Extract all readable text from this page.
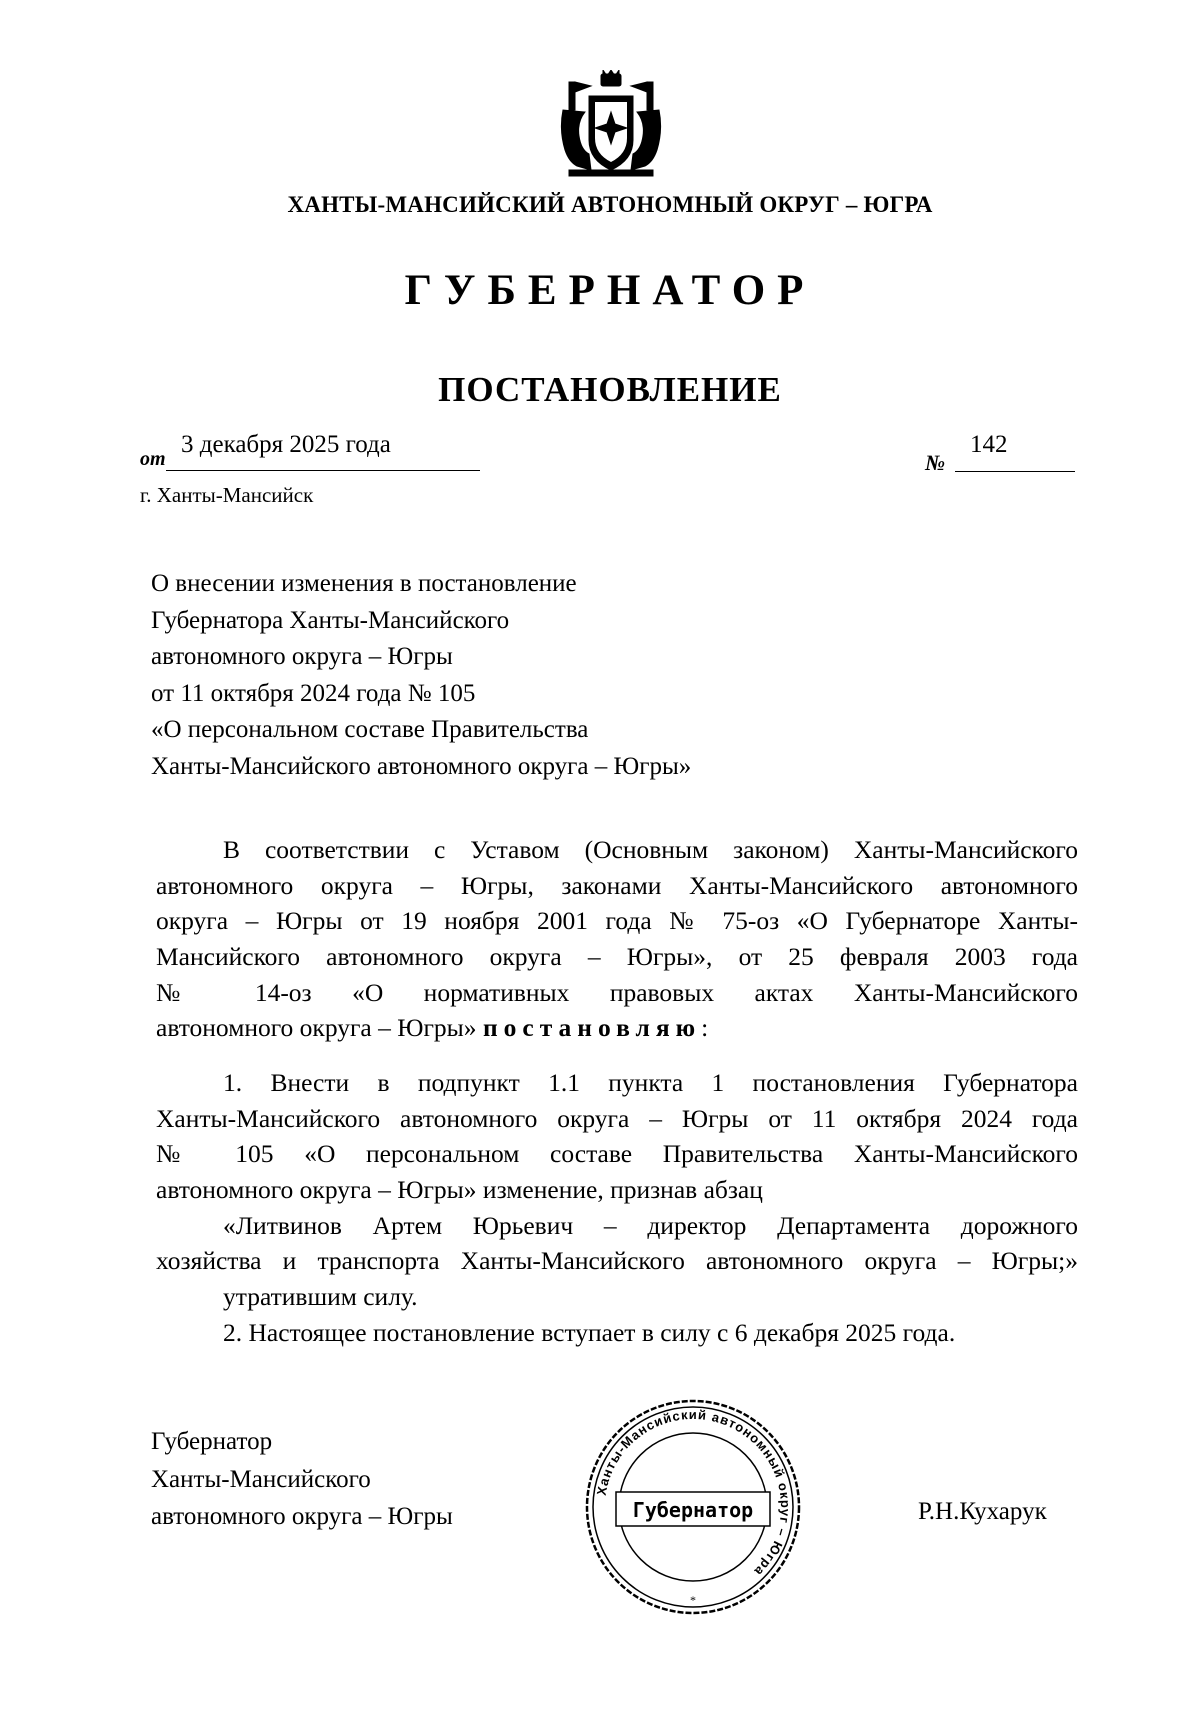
ХАНТЫ-МАНСИЙСКИЙ АВТОНОМНЫЙ ОКРУГ – ЮГРА
ГУБЕРНАТОР
ПОСТАНОВЛЕНИЕ
от
3 декабря 2025 года
№
142
г. Ханты-Мансийск
О внесении изменения в постановление
Губернатора Ханты-Мансийского
автономного округа – Югры
от 11 октября 2024 года № 105
«О персональном составе Правительства
Ханты-Мансийского автономного округа – Югры»
В соответствии с Уставом (Основным законом) Ханты-Мансийского
автономного округа – Югры, законами Ханты-Мансийского автономного
округа – Югры от 19 ноября 2001 года № 75-оз «О Губернаторе Ханты-
Мансийского автономного округа – Югры», от 25 февраля 2003 года
№ 14-оз «О нормативных правовых актах Ханты-Мансийского
автономного округа – Югры» постановляю:
1. Внести в подпункт 1.1 пункта 1 постановления Губернатора
Ханты-Мансийского автономного округа – Югры от 11 октября 2024 года
№ 105 «О персональном составе Правительства Ханты-Мансийского
автономного округа – Югры» изменение, признав абзац
«Литвинов Артем Юрьевич – директор Департамента дорожного
хозяйства и транспорта Ханты-Мансийского автономного округа – Югры;»
утратившим силу.
2. Настоящее постановление вступает в силу с 6 декабря 2025 года.
Губернатор
Ханты-Мансийского
автономного округа – Югры
Ханты-Мансийский автономный округ – Югра
Губернатор
*
Р.Н.Кухарук
